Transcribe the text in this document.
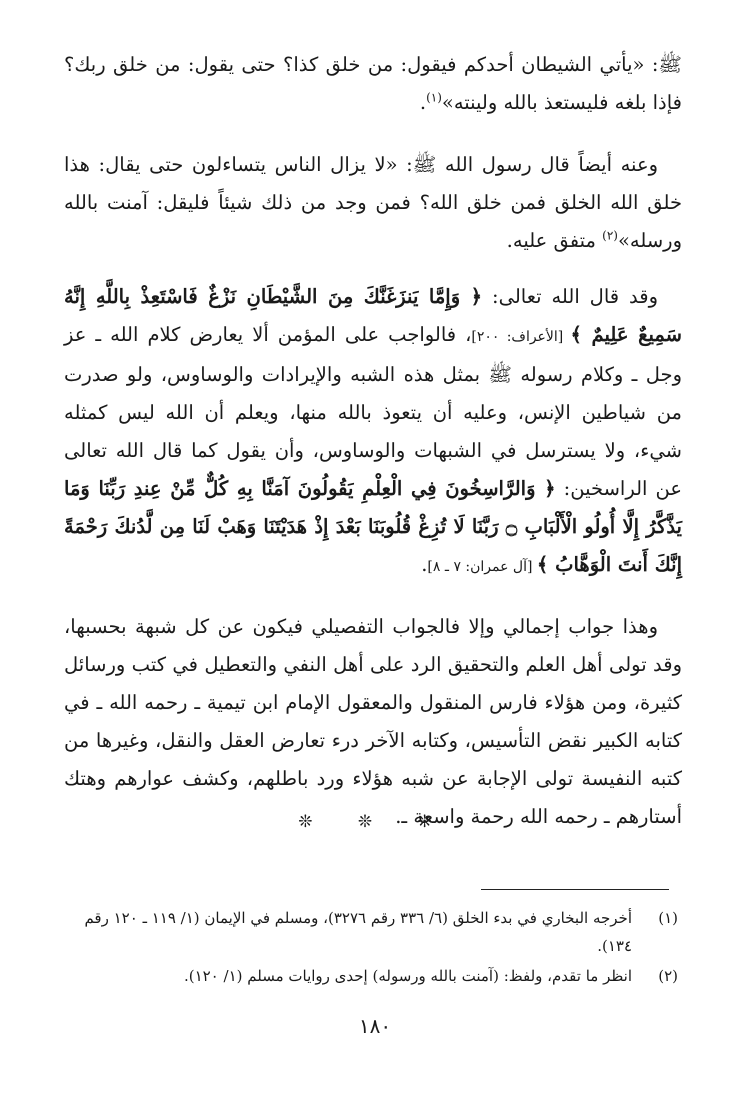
ﷺ: «يأتي الشيطان أحدكم فيقول: من خلق كذا؟ حتى يقول: من خلق ربك؟ فإذا بلغه فليستعذ بالله ولينته»$^{(١)}$.

وعنه أيضاً قال رسول الله ﷺ: «لا يزال الناس يتساءلون حتى يقال: هذا خلق الله الخلق فمن خلق الله؟ فمن وجد من ذلك شيئاً فليقل: آمنت بالله ورسله»$^{(٢)}$ متفق عليه.

وقد قال الله تعالى: ﴿ وَإِمَّا يَنزَغَنَّكَ مِنَ الشَّيْطَانِ نَزْغٌ فَاسْتَعِذْ بِاللَّهِ إِنَّهُ سَمِيعٌ عَلِيمٌ ﴾ [الأعراف: ٢٠٠]، فالواجب على المؤمن ألا يعارض كلام الله ـ عز وجل ـ وكلام رسوله ﷺ بمثل هذه الشبه والإيرادات والوساوس، ولو صدرت من شياطين الإنس، وعليه أن يتعوذ بالله منها، ويعلم أن الله ليس كمثله شيء، ولا يسترسل في الشبهات والوساوس، وأن يقول كما قال الله تعالى عن الراسخين: ﴿ وَالرَّاسِخُونَ فِي الْعِلْمِ يَقُولُونَ آمَنَّا بِهِ كُلٌّ مِّنْ عِندِ رَبِّنَا وَمَا يَذَّكَّرُ إِلَّا أُولُو الْأَلْبَابِ ۝ رَبَّنَا لَا تُزِغْ قُلُوبَنَا بَعْدَ إِذْ هَدَيْتَنَا وَهَبْ لَنَا مِن لَّدُنكَ رَحْمَةً إِنَّكَ أَنتَ الْوَهَّابُ ﴾ [آل عمران: ٧ ـ ٨].

وهذا جواب إجمالي وإلا فالجواب التفصيلي فيكون عن كل شبهة بحسبها، وقد تولى أهل العلم والتحقيق الرد على أهل النفي والتعطيل في كتب ورسائل كثيرة، ومن هؤلاء فارس المنقول والمعقول الإمام ابن تيمية ـ رحمه الله ـ في كتابه الكبير نقض التأسيس، وكتابه الآخر درء تعارض العقل والنقل، وغيرها من كتبه النفيسة تولى الإجابة عن شبه هؤلاء ورد باطلهم، وكشف عوارهم وهتك أستارهم ـ رحمه الله رحمة واسعة ـ.

❊ ❊ ❊

(١)
أخرجه البخاري في بدء الخلق (٦/ ٣٣٦ رقم ٣٢٧٦)، ومسلم في الإيمان (١/ ١١٩ ـ ١٢٠ رقم ١٣٤).

(٢)
انظر ما تقدم، ولفظ: (آمنت بالله ورسوله) إحدى روايات مسلم (١/ ١٢٠).

١٨٠
